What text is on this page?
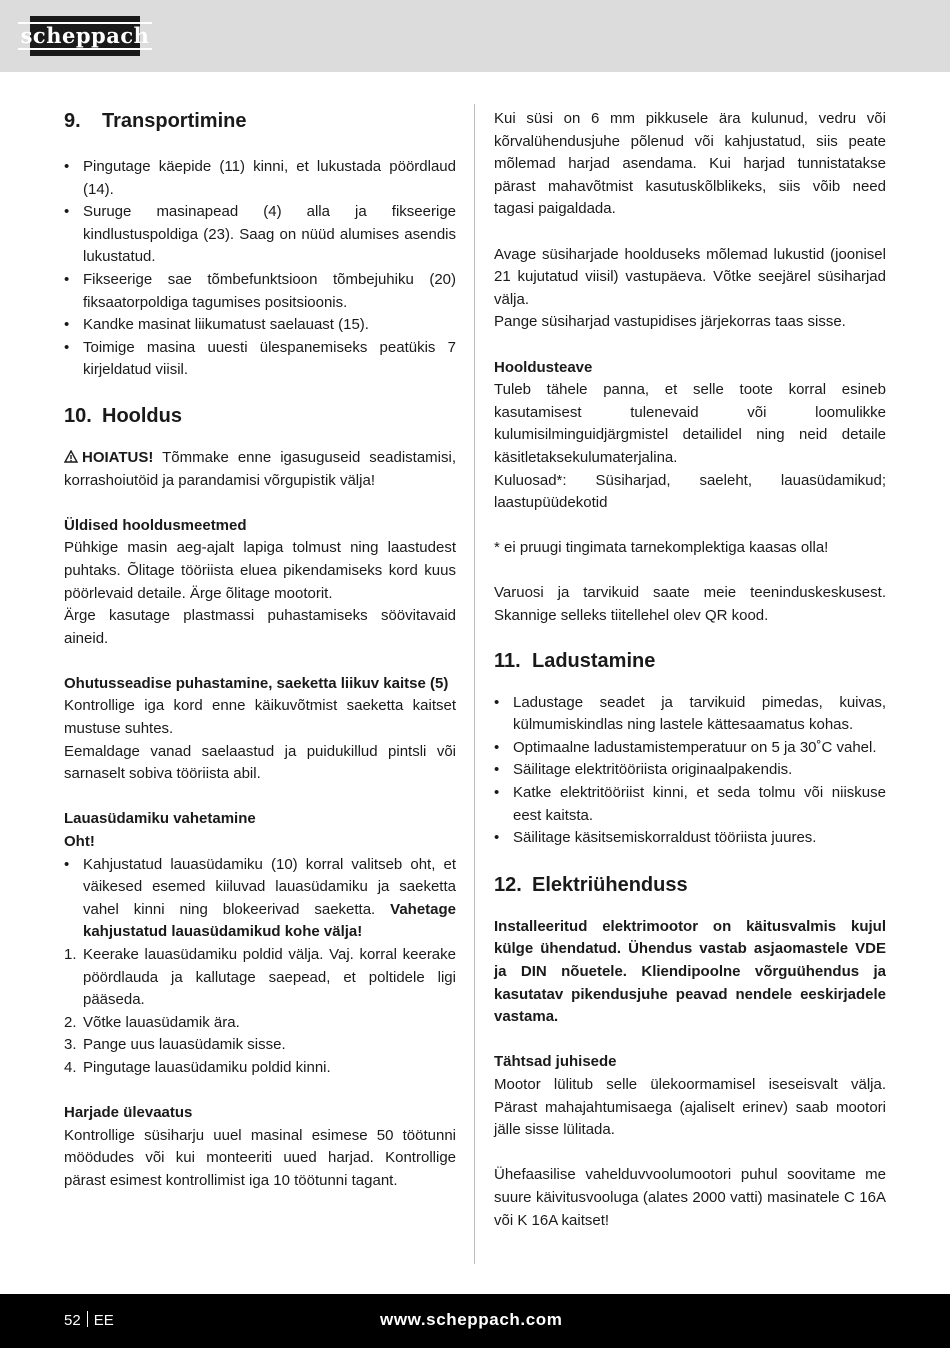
scheppach
9.	Transportimine
• Pingutage käepide (11) kinni, et lukustada pöördlaud (14).
• Suruge masinapead (4) alla ja fikseerige kindlustuspoldiga (23). Saag on nüüd alumises asendis lukustatud.
• Fikseerige sae tõmbefunktsioon tõmbejuhiku (20) fiksaatorpoldiga tagumises positsioonis.
• Kandke masinat liikumatust saelauast (15).
• Toimige masina uuesti ülespanemiseks peatükis 7 kirjeldatud viisil.
10. Hooldus

HOIATUS! Tõmmake enne igasuguseid seadistamisi, korrashoiutöid ja parandamisi võrgupistik välja!

Üldised hooldusmeetmed

Pühkige masin aeg-ajalt lapiga tolmust ning laastudest puhtaks. Õlitage tööriista eluea pikendamiseks kord kuus pöörlevaid detaile. Ärge õlitage mootorit.

Ärge kasutage plastmassi puhastamiseks söövitavaid aineid.

Ohutusseadise puhastamine, saeketta liikuv kaitse (5)

Kontrollige iga kord enne käikuvõtmist saeketta kaitset mustuse suhtes.

Eemaldage vanad saelaastud ja puidukillud pintsli või sarnaselt sobiva tööriista abil.

Lauasüdamiku vahetamine

Oht!

• Kahjustatud lauasüdamiku (10) korral valitseb oht, et väikesed esemed kiiluvad lauasüdamiku ja saeketta vahel kinni ning blokeerivad saeketta. Vahetage kahjustatud lauasüdamikud kohe välja!
1. Keerake lauasüdamiku poldid välja. Vaj. korral keerake pöördlauda ja kallutage saepead, et poltidele ligi pääseda.
2. Võtke lauasüdamik ära.
3. Pange uus lauasüdamik sisse.
4. Pingutage lauasüdamiku poldid kinni.

Harjade ülevaatus

Kontrollige süsiharju uuel masinal esimese 50 töötunni möödudes või kui monteeriti uued harjad. Kontrollige pärast esimest kontrollimist iga 10 töötunni tagant.

Kui süsi on 6 mm pikkusele ära kulunud, vedru või kõrvalühendusjuhe põlenud või kahjustatud, siis peate mõlemad harjad asendama. Kui harjad tunnistatakse pärast mahavõtmist kasutuskõlblikeks, siis võib need tagasi paigaldada.

Avage süsiharjade hoolduseks mõlemad lukustid (joonisel 21 kujutatud viisil) vastupäeva. Võtke seejärel süsiharjad välja.

Pange süsiharjad vastupidises järjekorras taas sisse.

Hooldusteave

Tuleb tähele panna, et selle toote korral esineb kasutamisest tulenevaid või loomulikke kulumisilminguidjärgmistel detailidel ning neid detaile käsitletaksekulumaterjalina.

Kuluosad*: Süsiharjad, saeleht, lauasüdamikud; laastupüüdekotid

* ei pruugi tingimata tarnekomplektiga kaasas olla!

Varuosi ja tarvikuid saate meie teeninduskeskusest. Skannige selleks tiitellehel olev QR kood.

11. Ladustamine
• Ladustage seadet ja tarvikuid pimedas, kuivas, külmumiskindlas ning lastele kättesaamatus kohas.
• Optimaalne ladustamistemperatuur on 5 ja 30˚C vahel.
• Säilitage elektritööriista originaalpakendis.
• Katke elektritööriist kinni, et seda tolmu või niiskuse eest kaitsta.
• Säilitage käsitsemiskorraldust tööriista juures.
12. Elektriühenduss

Installeeritud elektrimootor on käitusvalmis kujul külge ühendatud. Ühendus vastab asjaomastele VDE ja DIN nõuetele. Kliendipoolne võrguühendus ja kasutatav pikendusjuhe peavad nendele eeskirjadele vastama.

Tähtsad juhisede

Mootor lülitub selle ülekoormamisel iseseisvalt välja. Pärast mahajahtumisaega (ajaliselt erinev) saab mootori jälle sisse lülitada.

Ühefaasilise vahelduvvoolumootori puhul soovitame me suure käivitusvooluga (alates 2000 vatti) masinatele C 16A või K 16A kaitset!

52 EE	www.scheppach.com
